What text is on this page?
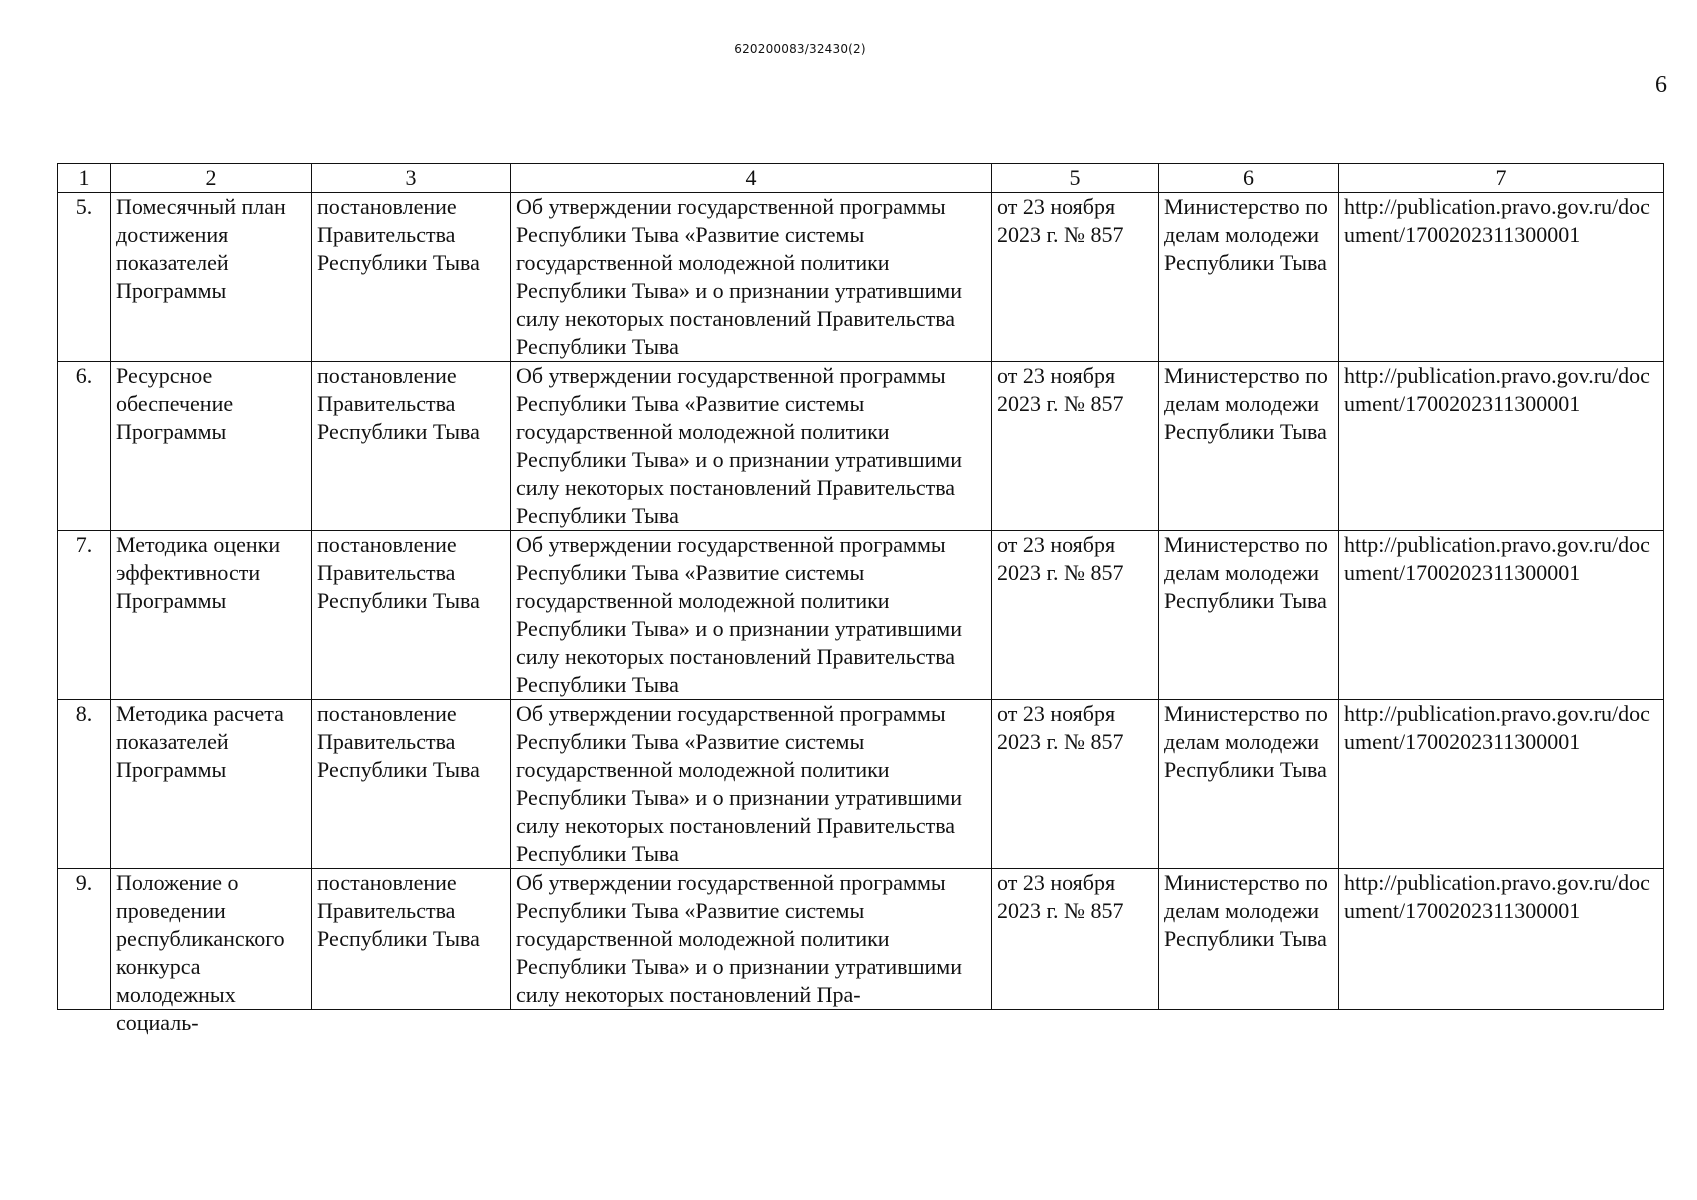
620200083/32430(2)
6
1	2	3	4	5	6	7
5.	Помесячный план достижения показателей Программы	постановление Правительства Республики Тыва	Об утверждении государственной программы Республики Тыва «Развитие системы государственной молодежной политики Республики Тыва» и о признании утратившими силу некоторых постановлений Правительства Республики Тыва	от 23 ноября 2023 г. № 857	Министерство по делам молодежи Республики Тыва	http://publication.pravo.gov.ru/document/1700202311300001
6.	Ресурсное обеспечение Программы	постановление Правительства Республики Тыва	Об утверждении государственной программы Республики Тыва «Развитие системы государственной молодежной политики Республики Тыва» и о признании утратившими силу некоторых постановлений Правительства Республики Тыва	от 23 ноября 2023 г. № 857	Министерство по делам молодежи Республики Тыва	http://publication.pravo.gov.ru/document/1700202311300001
7.	Методика оценки эффективности Программы	постановление Правительства Республики Тыва	Об утверждении государственной программы Республики Тыва «Развитие системы государственной молодежной политики Республики Тыва» и о признании утратившими силу некоторых постановлений Правительства Республики Тыва	от 23 ноября 2023 г. № 857	Министерство по делам молодежи Республики Тыва	http://publication.pravo.gov.ru/document/1700202311300001
8.	Методика расчета показателей Программы	постановление Правительства Республики Тыва	Об утверждении государственной программы Республики Тыва «Развитие системы государственной молодежной политики Республики Тыва» и о признании утратившими силу некоторых постановлений Правительства Республики Тыва	от 23 ноября 2023 г. № 857	Министерство по делам молодежи Республики Тыва	http://publication.pravo.gov.ru/document/1700202311300001
9.	Положение о проведении республиканского конкурса молодежных социаль-	постановление Правительства Республики Тыва	Об утверждении государственной программы Республики Тыва «Развитие системы государственной молодежной политики Республики Тыва» и о признании утратившими силу некоторых постановлений Пра-	от 23 ноября 2023 г. № 857	Министерство по делам молодежи Республики Тыва	http://publication.pravo.gov.ru/document/1700202311300001
